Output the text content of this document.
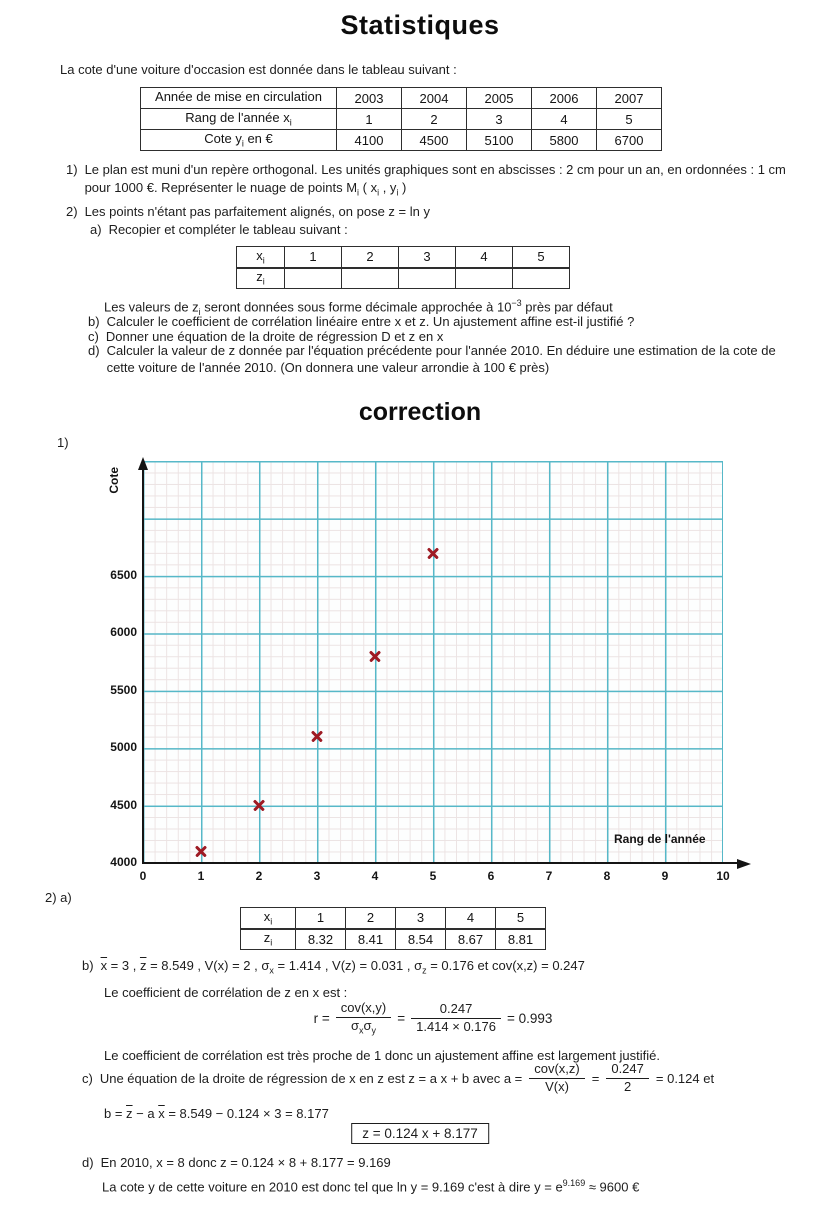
Statistiques
La cote d'une voiture d'occasion est donnée dans le tableau suivant :
Année de mise en circulation	2003	2004	2005	2006	2007
Rang de l'année $x_i$	1	2	3	4	5
Cote $y_i$ en €	4100	4500	5100	5800	6700
1) Le plan est muni d'un repère orthogonal. Les unités graphiques sont en abscisses : 2 cm pour un an, en ordonnées : 1 cm pour 1000 €. Représenter le nuage de points $M_i$ ( $x_i$ , $y_i$ )
2) Les points n'étant pas parfaitement alignés, on pose z = ln y
a) Recopier et compléter le tableau suivant :
$x_i$	1	2	3	4	5
$z_i$					
Les valeurs de $z_i$ seront données sous forme décimale approchée à $10^{-3}$ près par défaut
b) Calculer le coefficient de corrélation linéaire entre x et z. Un ajustement affine est-il justifié ?
c) Donner une équation de la droite de régression D et z en x
d) Calculer la valeur de z donnée par l'équation précédente pour l'année 2010. En déduire une estimation de la cote de cette voiture de l'année 2010. (On donnera une valeur arrondie à 100 € près)
correction
1)
Cote
Rang de l'année
4000
4500
5000
5500
6000
6500
0	1	2	3	4	5	6	7	8	9	10
2) a)
$x_i$	1	2	3	4	5
$z_i$	8.32	8.41	8.54	8.67	8.81
b) $\overline{x} = 3$ , $\overline{z} = 8.549$ , V(x) = 2 , $\sigma_x = 1.414$ , V(z) = 0.031 , $\sigma_z = 0.176$ et cov(x,z) = 0.247
Le coefficient de corrélation de z en x est :
$r = \frac{\text{cov(x,y)}}{\sigma_x\sigma_y} = \frac{0.247}{1.414 \times 0.176} = 0.993$
Le coefficient de corrélation est très proche de 1 donc un ajustement affine est largement justifié.
c) Une équation de la droite de régression de x en z est z = a x + b avec $a = \frac{\text{cov(x,z)}}{V(x)} = \frac{0.247}{2} = 0.124$ et
$b = \overline{z} - a$ $\overline{x} = 8.549 - 0.124 \times 3 = 8.177$
z = 0.124 x + 8.177
d) En 2010, x = 8 donc z = 0.124 × 8 + 8.177 = 9.169
La cote y de cette voiture en 2010 est donc tel que ln y = 9.169 c'est à dire $y = e^{9.169} \approx 9600$ €
